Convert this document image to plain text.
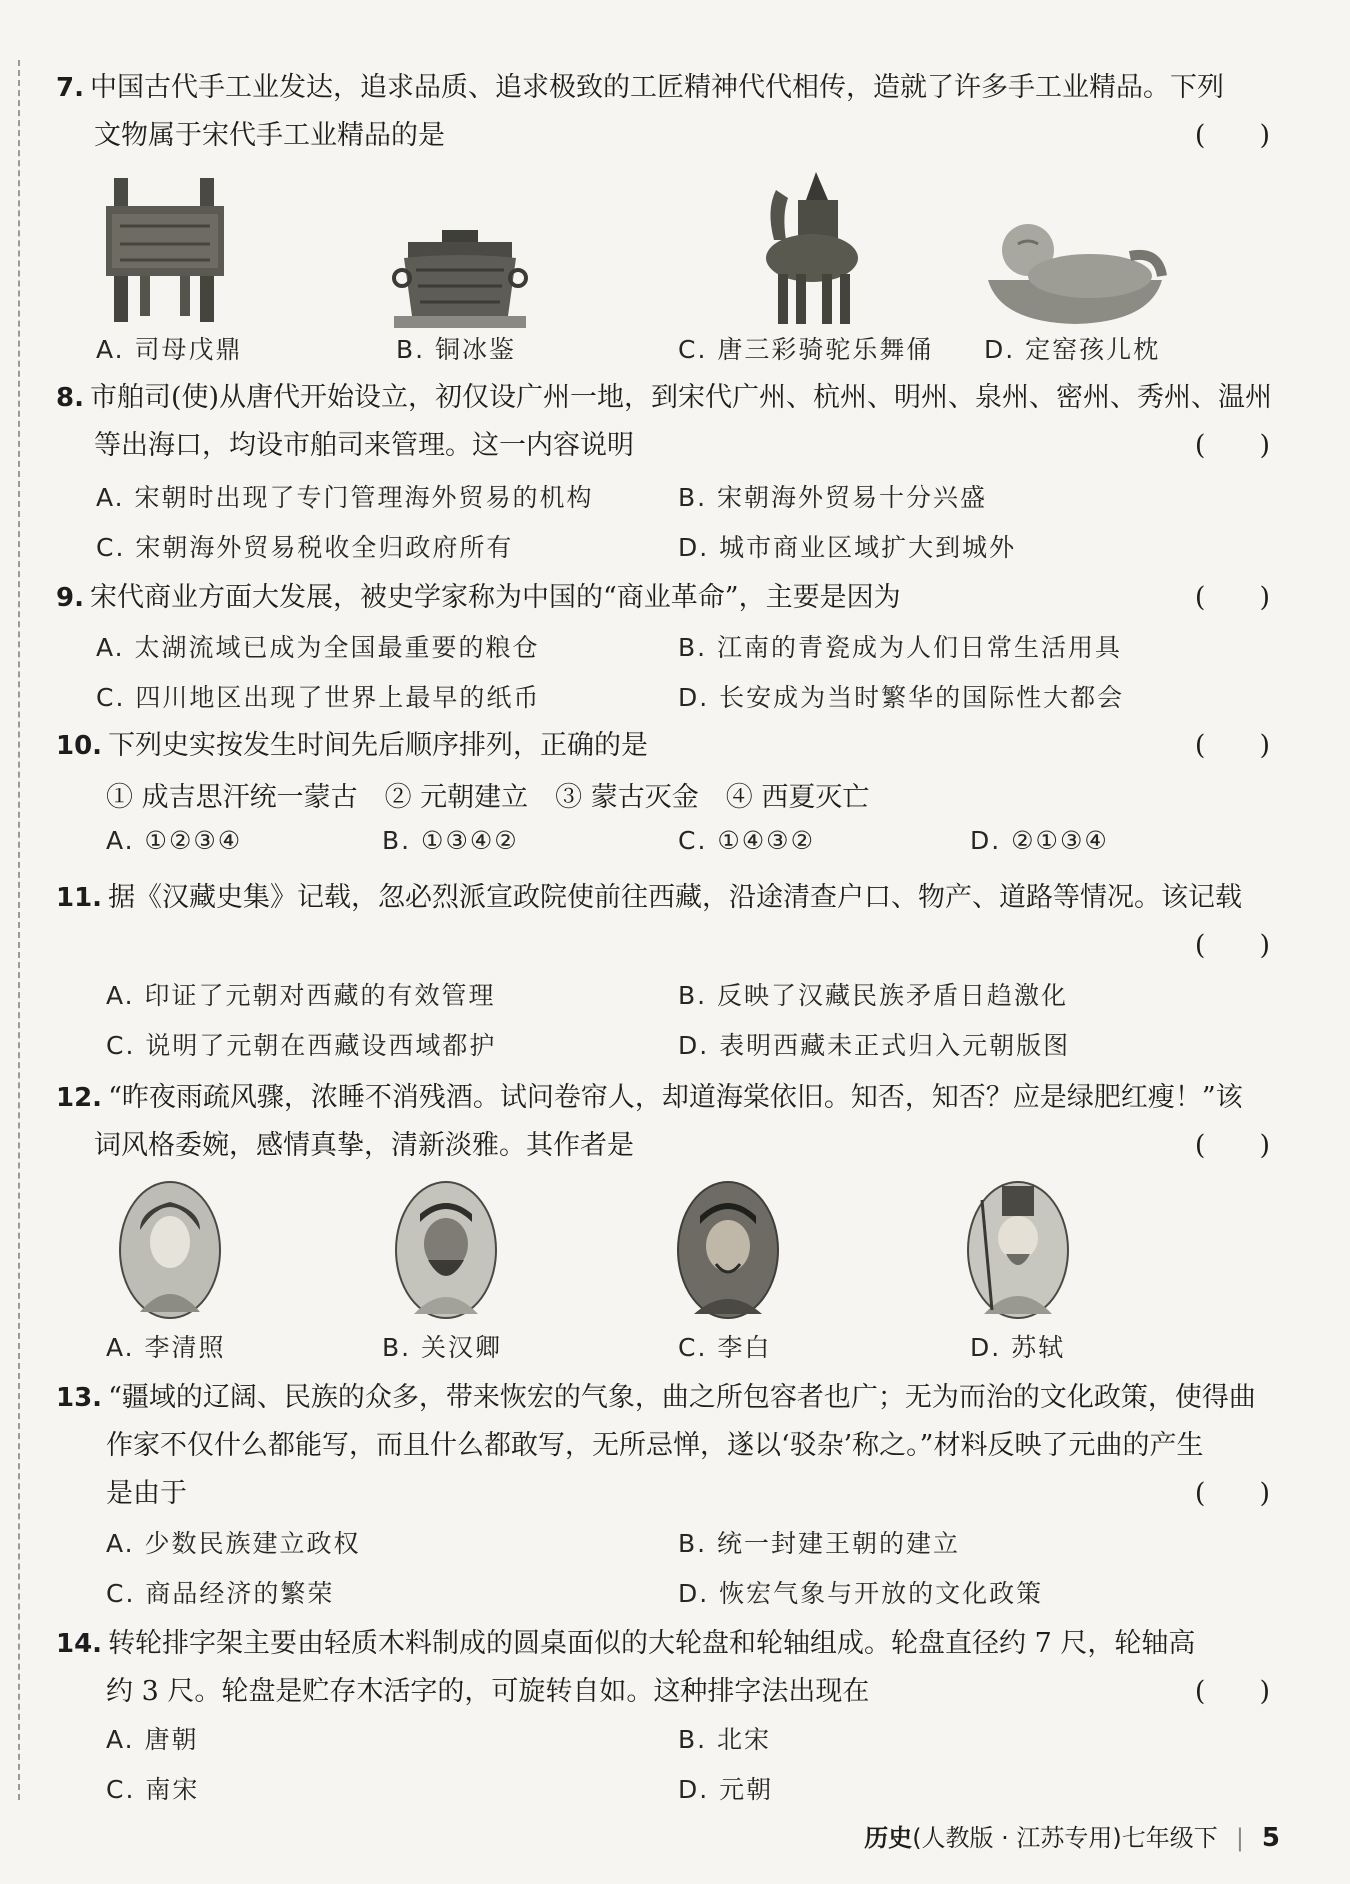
7. 中国古代手工业发达，追求品质、追求极致的工匠精神代代相传，造就了许多手工业精品。下列
文物属于宋代手工业精品的是	(　　)
A. 司母戊鼎	B. 铜冰鉴	C. 唐三彩骑驼乐舞俑 D. 定窑孩儿枕
8. 市舶司(使)从唐代开始设立，初仅设广州一地，到宋代广州、杭州、明州、泉州、密州、秀州、温州
等出海口，均设市舶司来管理。这一内容说明	(　　)
A. 宋朝时出现了专门管理海外贸易的机构	B. 宋朝海外贸易十分兴盛
C. 宋朝海外贸易税收全归政府所有	D. 城市商业区域扩大到城外
9. 宋代商业方面大发展，被史学家称为中国的“商业革命”，主要是因为	(　　)
A. 太湖流域已成为全国最重要的粮仓	B. 江南的青瓷成为人们日常生活用具
C. 四川地区出现了世界上最早的纸币	D. 长安成为当时繁华的国际性大都会
10. 下列史实按发生时间先后顺序排列，正确的是
① 成吉思汗统一蒙古　② 元朝建立　③ 蒙古灭金　④ 西夏灭亡
(　　)
A. ①②③④	B. ①③④②	C. ①④③②	D. ②①③④
11. 据《汉藏史集》记载，忽必烈派宣政院使前往西藏，沿途清查户口、物产、道路等情况。该记载
(　　)
A. 印证了元朝对西藏的有效管理	B. 反映了汉藏民族矛盾日趋激化
C. 说明了元朝在西藏设西域都护	D. 表明西藏未正式归入元朝版图
12. “昨夜雨疏风骤，浓睡不消残酒。试问卷帘人，却道海棠依旧。知否，知否？应是绿肥红瘦！”该
词风格委婉，感情真挚，清新淡雅。其作者是	(　　)
A. 李清照	B. 关汉卿	C. 李白	D. 苏轼
13. “疆域的辽阔、民族的众多，带来恢宏的气象，曲之所包容者也广；无为而治的文化政策，使得曲
作家不仅什么都能写，而且什么都敢写，无所忌惮，遂以‘驳杂’称之。”材料反映了元曲的产生
是由于	(　　)
A. 少数民族建立政权	B. 统一封建王朝的建立
C. 商品经济的繁荣	D. 恢宏气象与开放的文化政策
14. 转轮排字架主要由轻质木料制成的圆桌面似的大轮盘和轮轴组成。轮盘直径约 7 尺，轮轴高
约 3 尺。轮盘是贮存木活字的，可旋转自如。这种排字法出现在	(　　)
A. 唐朝	B. 北宋
C. 南宋	D. 元朝
历史(人教版 · 江苏专用)七年级下 | 5
